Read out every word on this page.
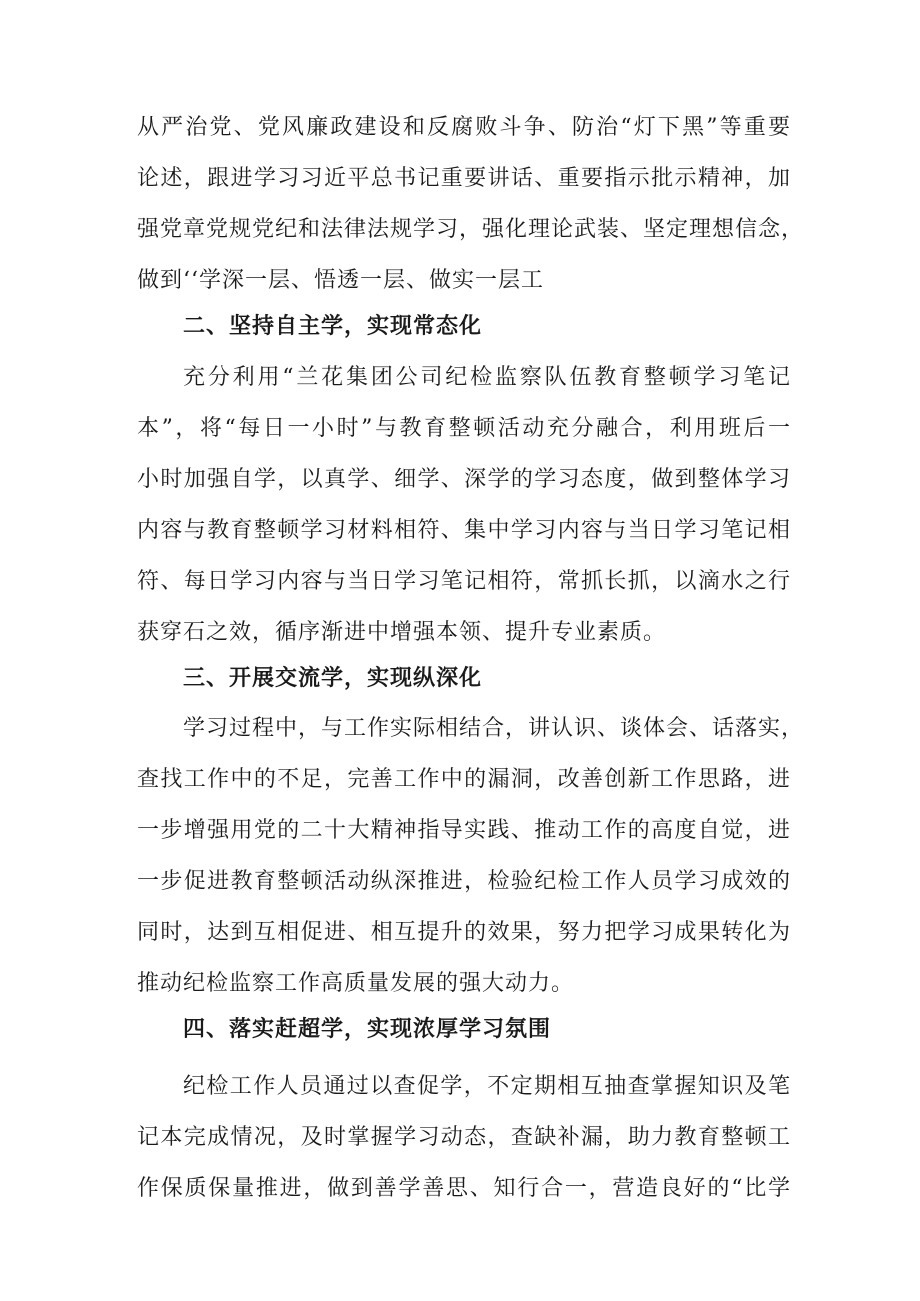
从严治党、党风廉政建设和反腐败斗争、防治“灯下黑”等重要
论述，跟进学习习近平总书记重要讲话、重要指示批示精神，加
强党章党规党纪和法律法规学习，强化理论武装、坚定理想信念，
做到‘‘学深一层、悟透一层、做实一层工
二、坚持自主学，实现常态化
充分利用“兰花集团公司纪检监察队伍教育整顿学习笔记
本”，将“每日一小时”与教育整顿活动充分融合，利用班后一
小时加强自学，以真学、细学、深学的学习态度，做到整体学习
内容与教育整顿学习材料相符、集中学习内容与当日学习笔记相
符、每日学习内容与当日学习笔记相符，常抓长抓，以滴水之行
获穿石之效，循序渐进中增强本领、提升专业素质。
三、开展交流学，实现纵深化
学习过程中，与工作实际相结合，讲认识、谈体会、话落实，
查找工作中的不足，完善工作中的漏洞，改善创新工作思路，进
一步增强用党的二十大精神指导实践、推动工作的高度自觉，进
一步促进教育整顿活动纵深推进，检验纪检工作人员学习成效的
同时，达到互相促进、相互提升的效果，努力把学习成果转化为
推动纪检监察工作高质量发展的强大动力。
四、落实赶超学，实现浓厚学习氛围
纪检工作人员通过以查促学，不定期相互抽查掌握知识及笔
记本完成情况，及时掌握学习动态，查缺补漏，助力教育整顿工
作保质保量推进，做到善学善思、知行合一，营造良好的“比学
